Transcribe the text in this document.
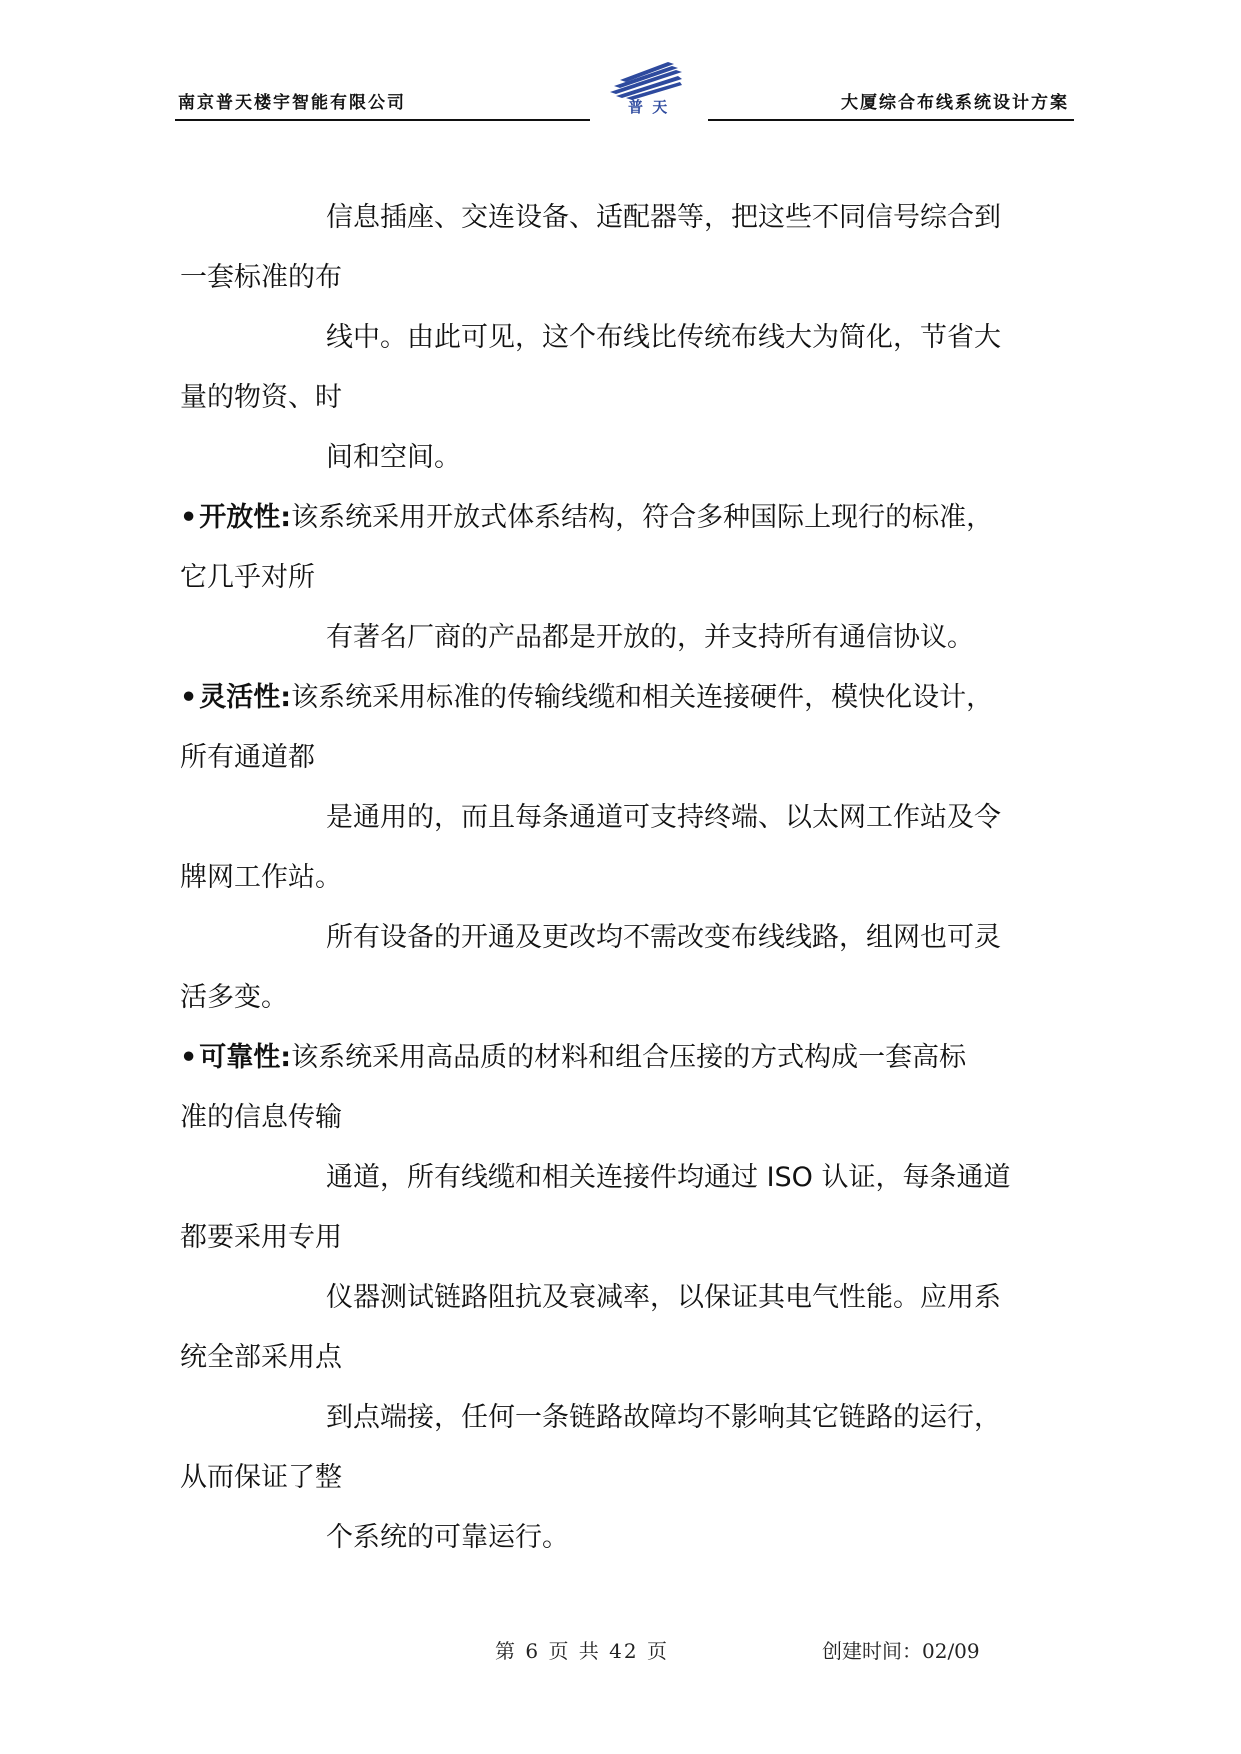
南京普天楼宇智能有限公司	普 天	大厦综合布线系统设计方案
信息插座、交连设备、适配器等，把这些不同信号综合到
一套标准的布
线中。由此可见，这个布线比传统布线大为简化，节省大
量的物资、时
间和空间。
•开放性:该系统采用开放式体系结构，符合多种国际上现行的标准，
它几乎对所
有著名厂商的产品都是开放的，并支持所有通信协议。
•灵活性:该系统采用标准的传输线缆和相关连接硬件，模快化设计，
所有通道都
是通用的，而且每条通道可支持终端、以太网工作站及令
牌网工作站。
所有设备的开通及更改均不需改变布线线路，组网也可灵
活多变。
•可靠性:该系统采用高品质的材料和组合压接的方式构成一套高标
准的信息传输
通道，所有线缆和相关连接件均通过 ISO 认证，每条通道
都要采用专用
仪器测试链路阻抗及衰减率，以保证其电气性能。应用系
统全部采用点
到点端接，任何一条链路故障均不影响其它链路的运行，
从而保证了整
个系统的可靠运行。
第 6 页 共 42 页	创建时间：02/09
